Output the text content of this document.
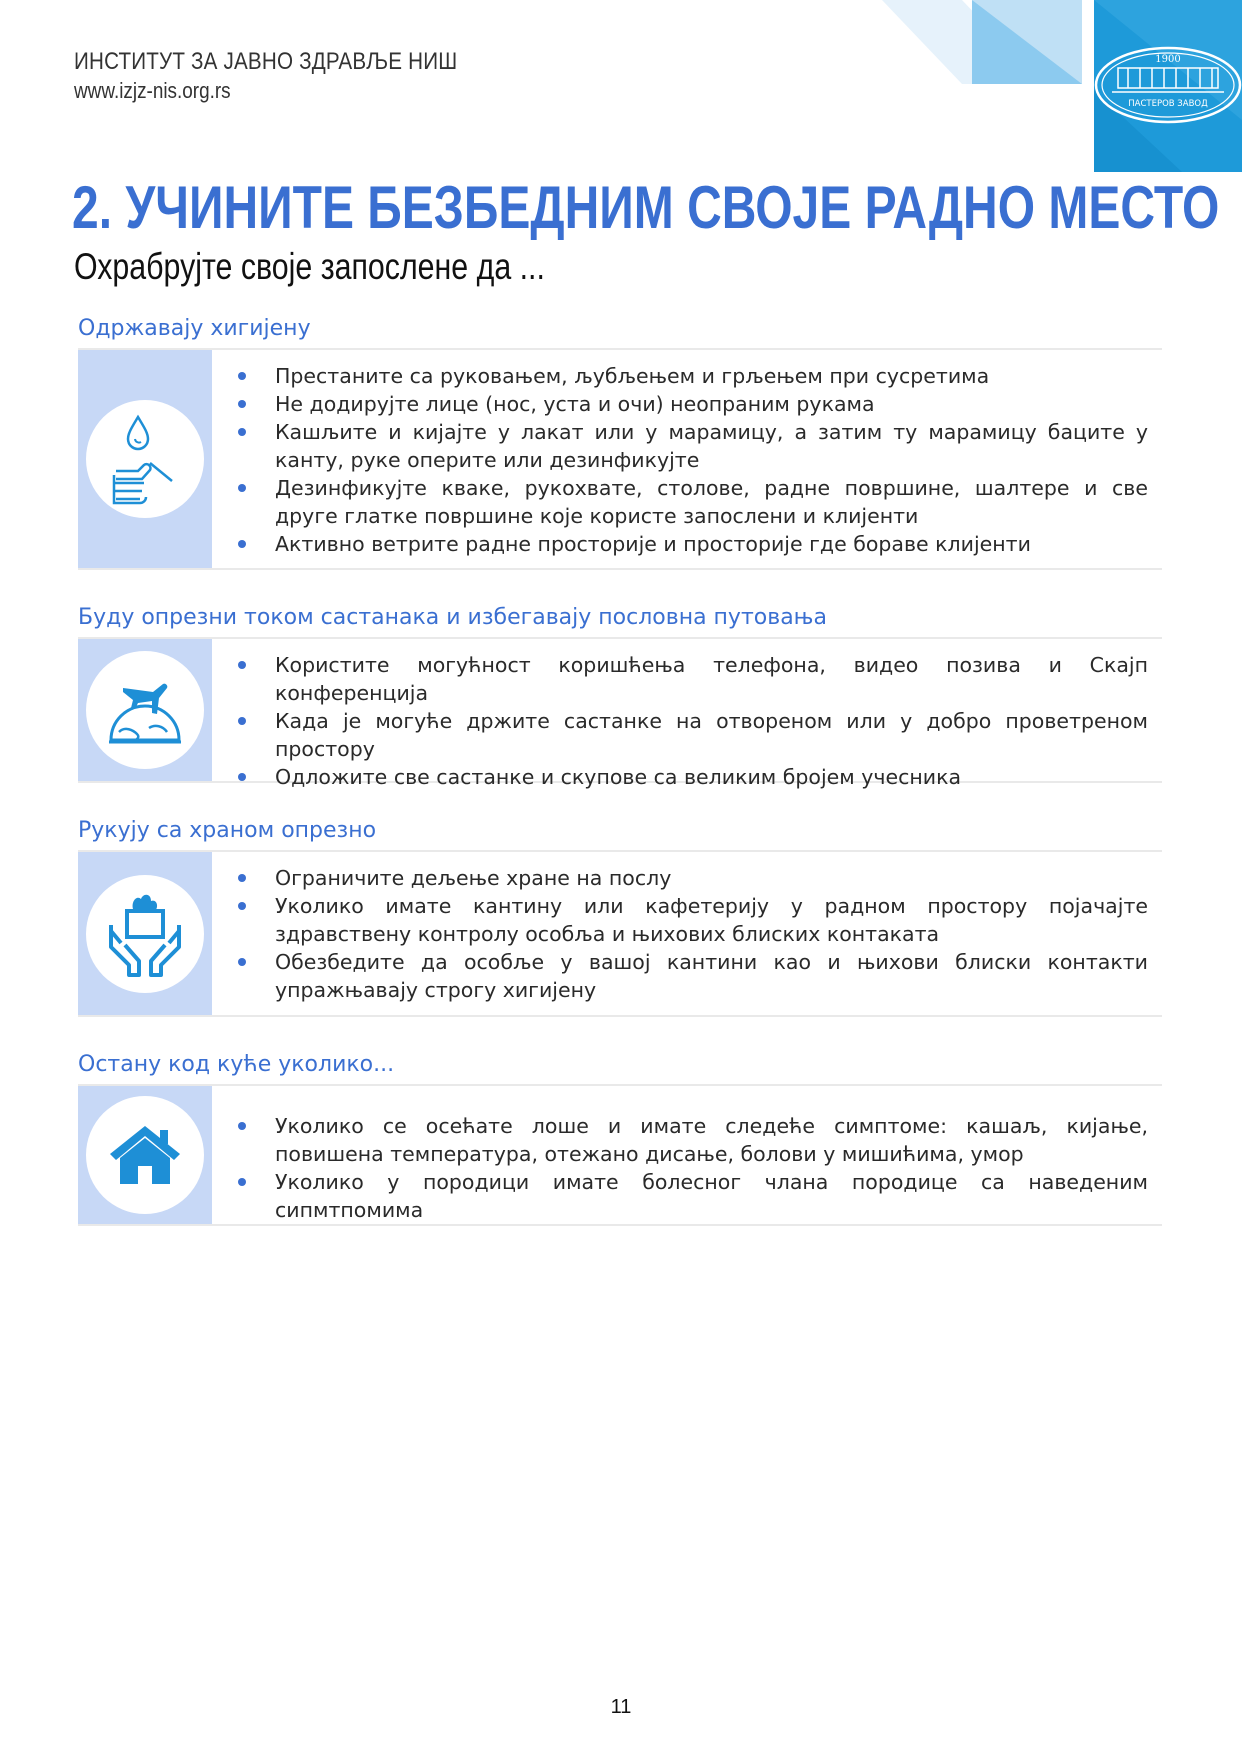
1900
ПАСТЕРОВ ЗАВОД
ИНСТИТУТ ЗА ЈАВНО ЗДРАВЉЕ НИШ
www.izjz-nis.org.rs
2. УЧИНИТЕ БЕЗБЕДНИМ СВОЈЕ РАДНО МЕСТО
Охрабрујте своје запослене да ...
Одржавају хигијену
Престаните са руковањем, љубљењем и грљењем при сусретима
Не додирујте лице (нос, уста и очи) неопраним рукама
Кашљите и кијајте у лакат или у марамицу, а затим ту марамицу баците у канту, руке оперите или дезинфикујте
Дезинфикујте кваке, рукохвате, столове, радне површине, шалтере и све друге глатке површине које користе запослени и клијенти
Активно ветрите радне просторије и просторије где бораве клијенти
Буду опрезни током састанака и избегавају пословна путовања
Користите могућност коришћења телефона, видео позива и Скајп конференција
Када је могуће држите састанке на отвореном или у добро проветреном простору
Одложите све састанке и скупове са великим бројем учесника
Рукују са храном опрезно
Ограничите дељење хране на послу
Уколико имате кантину или кафетерију у радном простору појачајте здравствену контролу особља и њихових блиских контаката
Обезбедите да особље у вашој кантини као и њихови блиски контакти упражњавају строгу хигијену
Остану код куће уколико...
Уколико се осећате лоше и имате следеће симптоме: кашаљ, кијање, повишена температура, отежано дисање, болови у мишићима, умор
Уколико у породици имате болесног члана породице са наведеним сипмтпомима
11
